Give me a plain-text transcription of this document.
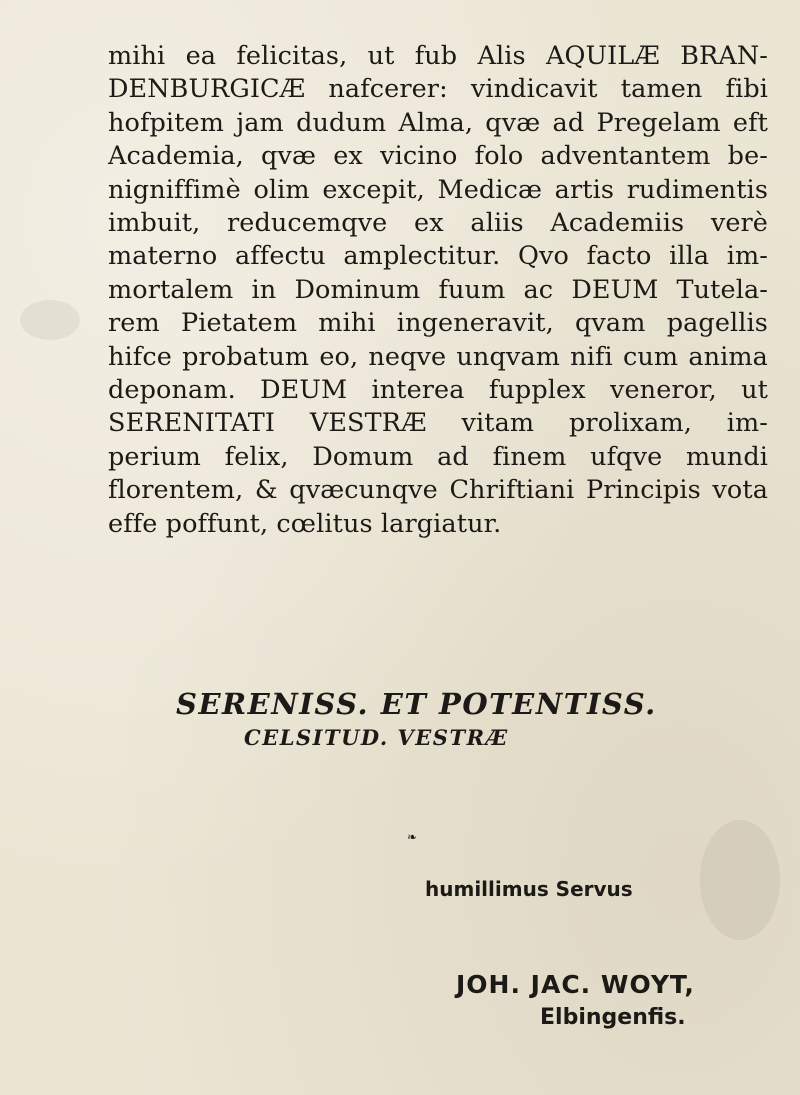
mihi ea felicitas, ut fub Alis AQUILÆ BRAN-
DENBURGICÆ nafcerer: vindicavit tamen fibi
hofpitem jam dudum Alma, qvæ ad Pregelam eft
Academia, qvæ ex vicino folo adventantem be-
nigniffimè olim excepit, Medicæ artis rudimentis
imbuit, reducemqve ex aliis Academiis verè
materno affectu amplectitur. Qvo facto illa im-
mortalem in Dominum fuum ac DEUM Tutela-
rem Pietatem mihi ingeneravit, qvam pagellis
hifce probatum eo, neqve unqvam nifi cum anima
deponam. DEUM interea fupplex veneror, ut
SERENITATI VESTRÆ vitam prolixam, im-
perium felix, Domum ad finem ufqve mundi
florentem, & qvæcunqve Chriftiani Principis vota
effe poffunt, cœlitus largiatur.
SERENISS. ET POTENTISS.
CELSITUD. VESTRÆ
❧
humillimus Servus
JOH. JAC. WOYT,
Elbingenfis.
